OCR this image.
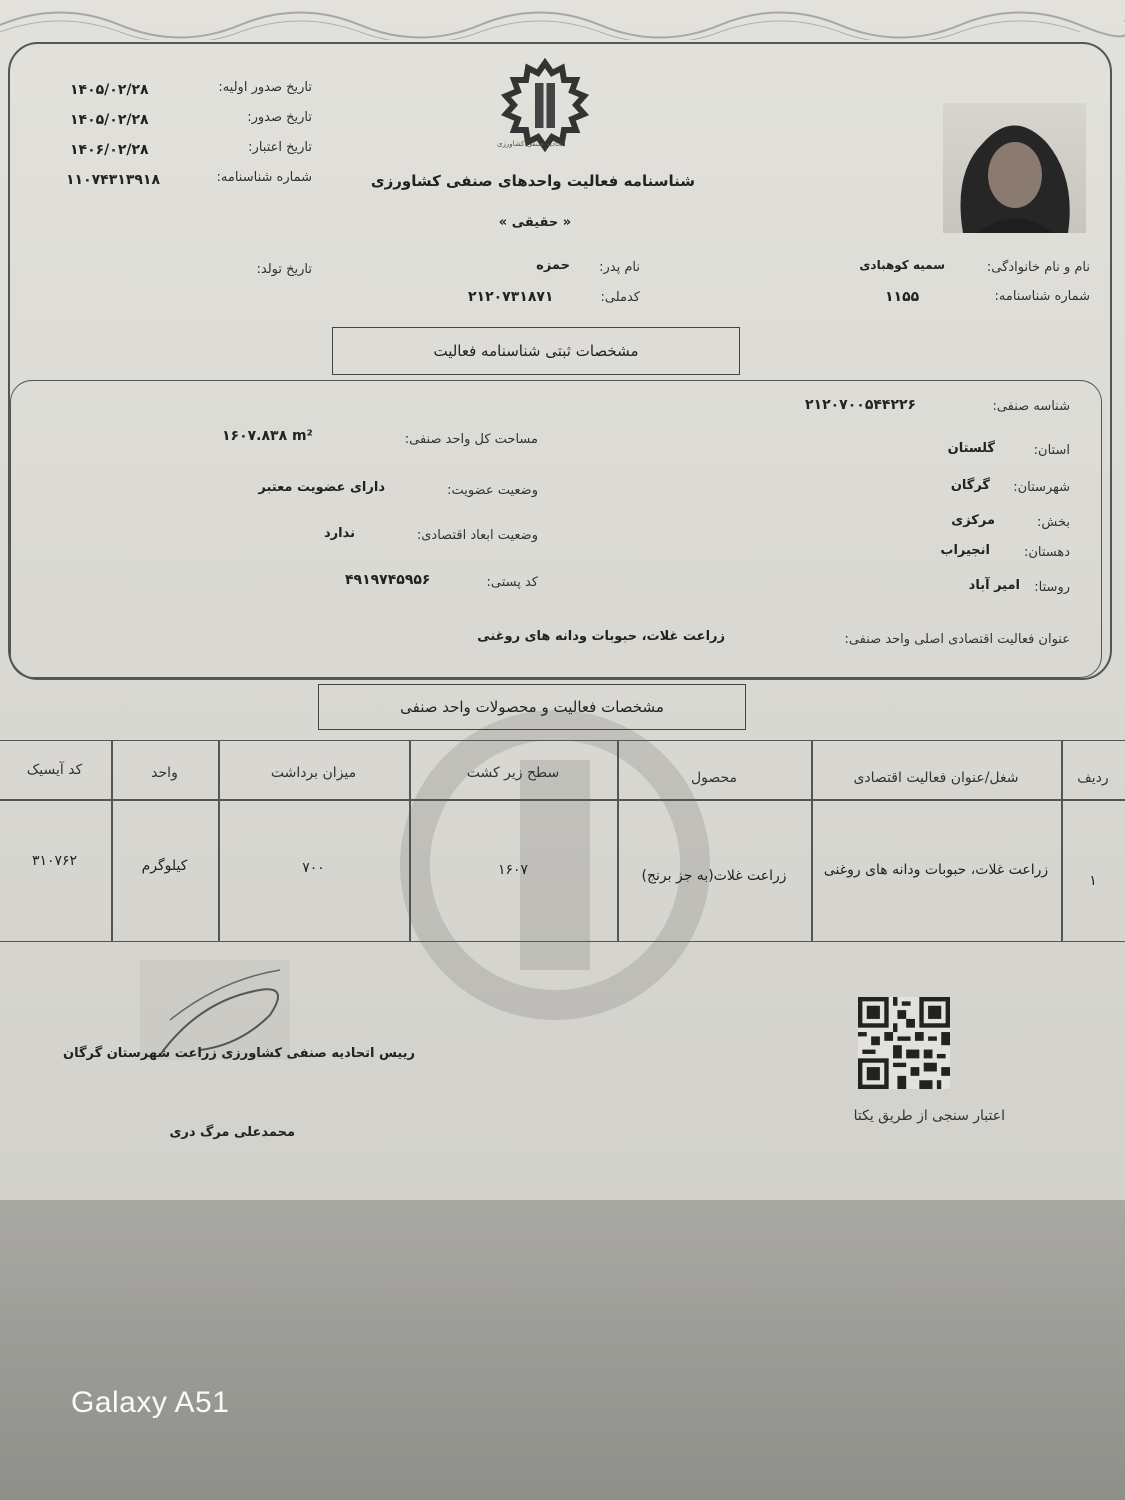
اتحادیه صنفی کشاورزی
شناسنامه فعالیت واحدهای صنفی کشاورزی
« حقیقی »
تاریخ صدور اولیه:
۱۴۰۵/۰۲/۲۸
تاریخ صدور:
۱۴۰۵/۰۲/۲۸
تاریخ اعتبار:
۱۴۰۶/۰۲/۲۸
شماره شناسنامه:
۱۱۰۷۴۳۱۳۹۱۸
نام و نام خانوادگی:
سمیه کوهبادی
شماره شناسنامه:
۱۱۵۵
نام پدر:
حمزه
کدملی:
۲۱۲۰۷۳۱۸۷۱
تاریخ تولد:
مشخصات ثبتی شناسنامه فعالیت
شناسه صنفی:
۲۱۲۰۷۰۰۵۴۴۲۲۶
استان:
گلستان
شهرستان:
گرگان
بخش:
مرکزی
دهستان:
انجیراب
روستا:
امیر آباد
مساحت کل واحد صنفی:
۱۶۰۷.۸۳۸ m²
وضعیت عضویت:
دارای عضویت معتبر
وضعیت ابعاد اقتصادی:
ندارد
کد پستی:
۴۹۱۹۷۴۵۹۵۶
عنوان فعالیت اقتصادی اصلی واحد صنفی:
زراعت غلات، حبوبات ودانه های روغنی
مشخصات فعالیت و محصولات واحد صنفی
ردیف
شغل/عنوان فعالیت اقتصادی
محصول
سطح زیر کشت
میزان برداشت
واحد
کد آیسیک
۱
زراعت غلات، حبوبات ودانه های روغنی
زراعت غلات(به جز برنج)
۱۶۰۷
۷۰۰
کیلوگرم
۳۱۰۷۶۲
رییس اتحادیه صنفی کشاورزی زراعت شهرستان گرگان
محمدعلی مرگ دری
اعتبار سنجی از طریق یکتا
Galaxy A51
